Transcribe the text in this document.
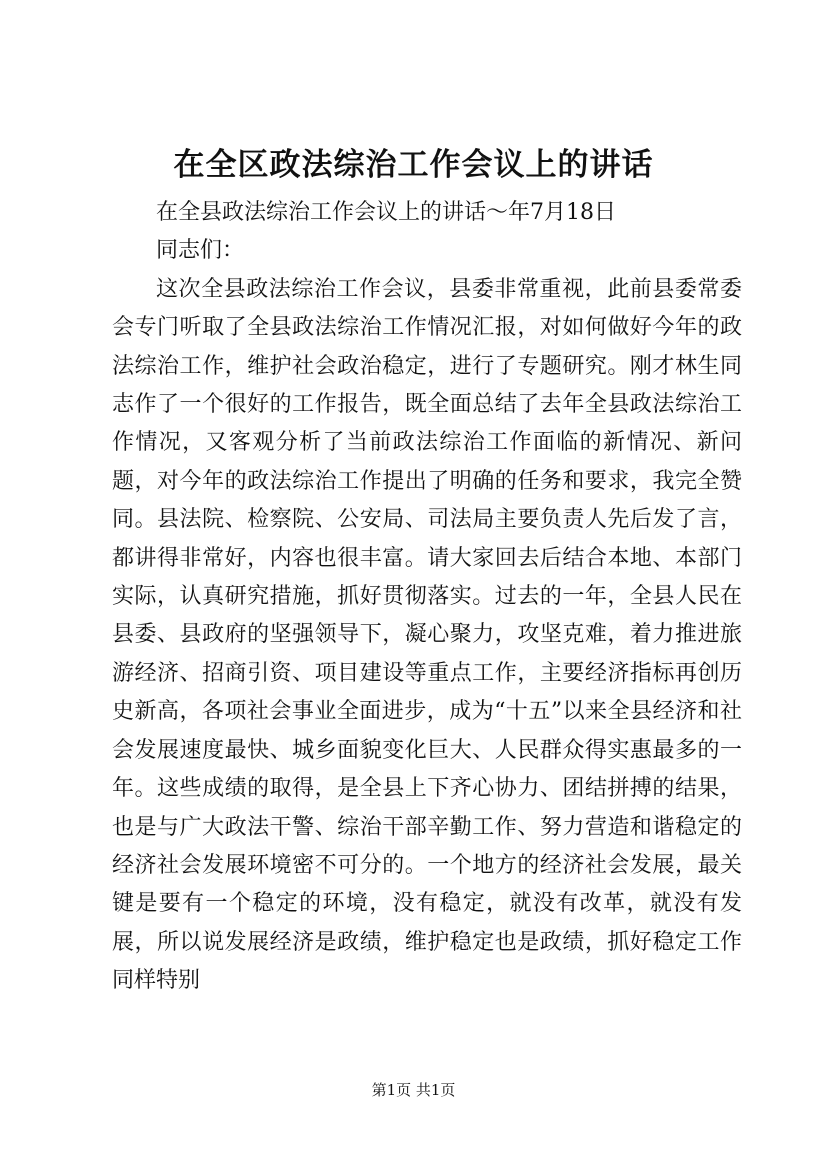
在全区政法综治工作会议上的讲话

在全县政法综治工作会议上的讲话～年7月18日

同志们：

这次全县政法综治工作会议，县委非常重视，此前县委常委会专门听取了全县政法综治工作情况汇报，对如何做好今年的政法综治工作，维护社会政治稳定，进行了专题研究。刚才林生同志作了一个很好的工作报告，既全面总结了去年全县政法综治工作情况，又客观分析了当前政法综治工作面临的新情况、新问题，对今年的政法综治工作提出了明确的任务和要求，我完全赞同。县法院、检察院、公安局、司法局主要负责人先后发了言，都讲得非常好，内容也很丰富。请大家回去后结合本地、本部门实际，认真研究措施，抓好贯彻落实。过去的一年，全县人民在县委、县政府的坚强领导下，凝心聚力，攻坚克难，着力推进旅游经济、招商引资、项目建设等重点工作，主要经济指标再创历史新高，各项社会事业全面进步，成为“十五”以来全县经济和社会发展速度最快、城乡面貌变化巨大、人民群众得实惠最多的一年。这些成绩的取得，是全县上下齐心协力、团结拼搏的结果，也是与广大政法干警、综治干部辛勤工作、努力营造和谐稳定的经济社会发展环境密不可分的。一个地方的经济社会发展，最关键是要有一个稳定的环境，没有稳定，就没有改革，就没有发展，所以说发展经济是政绩，维护稳定也是政绩，抓好稳定工作同样特别

第1页 共1页
